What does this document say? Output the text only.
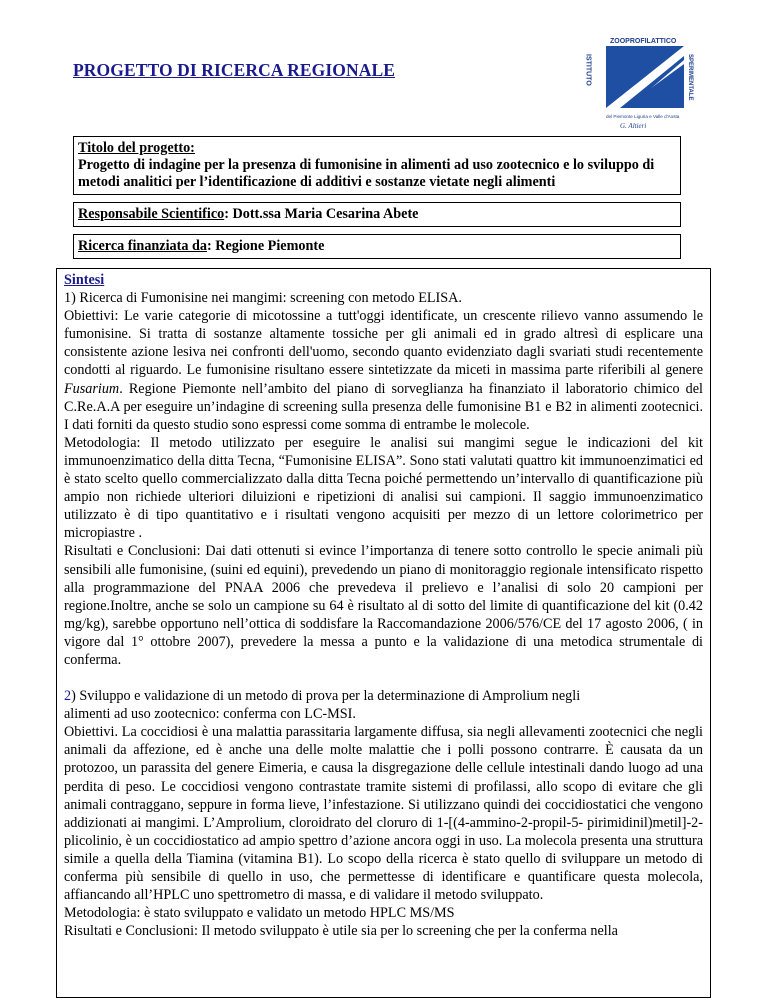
PROGETTO DI RICERCA REGIONALE
ZOOPROFILATTICO
ISTITUTO	SPERIMENTALE
del Piemonte Liguria e Valle d'Aosta
G. Altieri
Titolo del progetto:
Progetto di indagine per la presenza di fumonisine in alimenti ad uso zootecnico e lo sviluppo di metodi analitici per l’identificazione di additivi e sostanze vietate negli alimenti
Responsabile Scientifico: Dott.ssa Maria Cesarina Abete
Ricerca finanziata da: Regione Piemonte

Sintesi

1) Ricerca di Fumonisine nei mangimi: screening con metodo ELISA.

Obiettivi: Le varie categorie di micotossine a tutt'oggi identificate, un crescente rilievo vanno assumendo le fumonisine. Si tratta di sostanze altamente tossiche per gli animali ed in grado altresì di esplicare una consistente azione lesiva nei confronti dell'uomo, secondo quanto evidenziato dagli svariati studi recentemente condotti al riguardo. Le fumonisine risultano essere sintetizzate da miceti in massima parte riferibili al genere Fusarium. Regione Piemonte nell’ambito del piano di sorveglianza ha finanziato il laboratorio chimico del C.Re.A.A per eseguire un’indagine di screening sulla presenza delle fumonisine B1 e B2 in alimenti zootecnici. I dati forniti da questo studio sono espressi come somma di entrambe le molecole.

Metodologia: Il metodo utilizzato per eseguire le analisi sui mangimi segue le indicazioni del kit immunoenzimatico della ditta Tecna, “Fumonisine ELISA”. Sono stati valutati quattro kit immunoenzimatici ed è stato scelto quello commercializzato dalla ditta Tecna poiché permettendo un’intervallo di quantificazione più ampio non richiede ulteriori diluizioni e ripetizioni di analisi sui campioni. Il saggio immunoenzimatico utilizzato è di tipo quantitativo e i risultati vengono acquisiti per mezzo di un lettore colorimetrico per micropiastre .

Risultati e Conclusioni: Dai dati ottenuti si evince l’importanza di tenere sotto controllo le specie animali più sensibili alle fumonisine, (suini ed equini), prevedendo un piano di monitoraggio regionale intensificato rispetto alla programmazione del PNAA 2006 che prevedeva il prelievo e l’analisi di solo 20 campioni per regione.Inoltre, anche se solo un campione su 64 è risultato al di sotto del limite di quantificazione del kit (0.42 mg/kg), sarebbe opportuno nell’ottica di soddisfare la Raccomandazione 2006/576/CE del 17 agosto 2006, ( in vigore dal 1° ottobre 2007), prevedere la messa a punto e la validazione di una metodica strumentale di conferma.

2) Sviluppo e validazione di un metodo di prova per la determinazione di Amprolium negli
alimenti ad uso zootecnico: conferma con LC-MSI.

Obiettivi. La coccidiosi è una malattia parassitaria largamente diffusa, sia negli allevamenti zootecnici che negli animali da affezione, ed è anche una delle molte malattie che i polli possono contrarre. È causata da un protozoo, un parassita del genere Eimeria, e causa la disgregazione delle cellule intestinali dando luogo ad una perdita di peso. Le coccidiosi vengono contrastate tramite sistemi di profilassi, allo scopo di evitare che gli animali contraggano, seppure in forma lieve, l’infestazione. Si utilizzano quindi dei coccidiostatici che vengono addizionati ai mangimi. L’Amprolium, cloroidrato del cloruro di 1-[(4-ammino-2-propil-5- pirimidinil)metil]-2-plicolinio, è un coccidiostatico ad ampio spettro d’azione ancora oggi in uso. La molecola presenta una struttura simile a quella della Tiamina (vitamina B1). Lo scopo della ricerca è stato quello di sviluppare un metodo di conferma più sensibile di quello in uso, che permettesse di identificare e quantificare questa molecola, affiancando all’HPLC uno spettrometro di massa, e di validare il metodo sviluppato.

Metodologia: è stato sviluppato e validato un metodo HPLC MS/MS

Risultati e Conclusioni: Il metodo sviluppato è utile sia per lo screening che per la conferma nella
